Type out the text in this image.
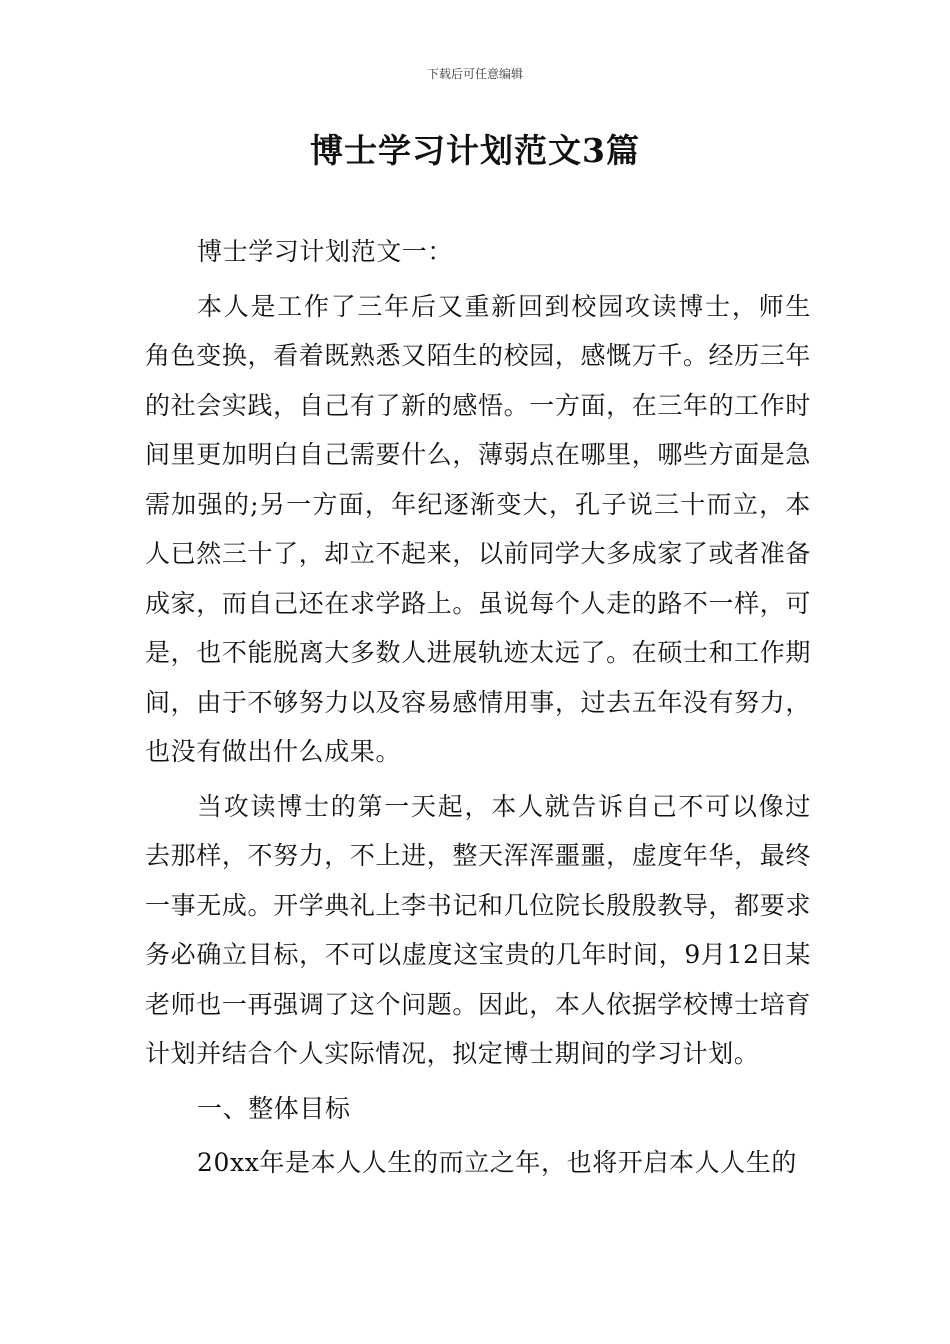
下载后可任意编辑
博士学习计划范文3篇

博士学习计划范文一：

本人是工作了三年后又重新回到校园攻读博士，师生角色变换，看着既熟悉又陌生的校园，感慨万千。经历三年的社会实践，自己有了新的感悟。一方面，在三年的工作时间里更加明白自己需要什么，薄弱点在哪里，哪些方面是急需加强的;另一方面，年纪逐渐变大，孔子说三十而立，本人已然三十了，却立不起来，以前同学大多成家了或者准备成家，而自己还在求学路上。虽说每个人走的路不一样，可是，也不能脱离大多数人进展轨迹太远了。在硕士和工作期间，由于不够努力以及容易感情用事，过去五年没有努力，也没有做出什么成果。

当攻读博士的第一天起，本人就告诉自己不可以像过去那样，不努力，不上进，整天浑浑噩噩，虚度年华，最终一事无成。开学典礼上李书记和几位院长殷殷教导，都要求务必确立目标，不可以虚度这宝贵的几年时间，9月12日某老师也一再强调了这个问题。因此，本人依据学校博士培育计划并结合个人实际情况，拟定博士期间的学习计划。

一、整体目标

20xx年是本人人生的而立之年，也将开启本人人生的
